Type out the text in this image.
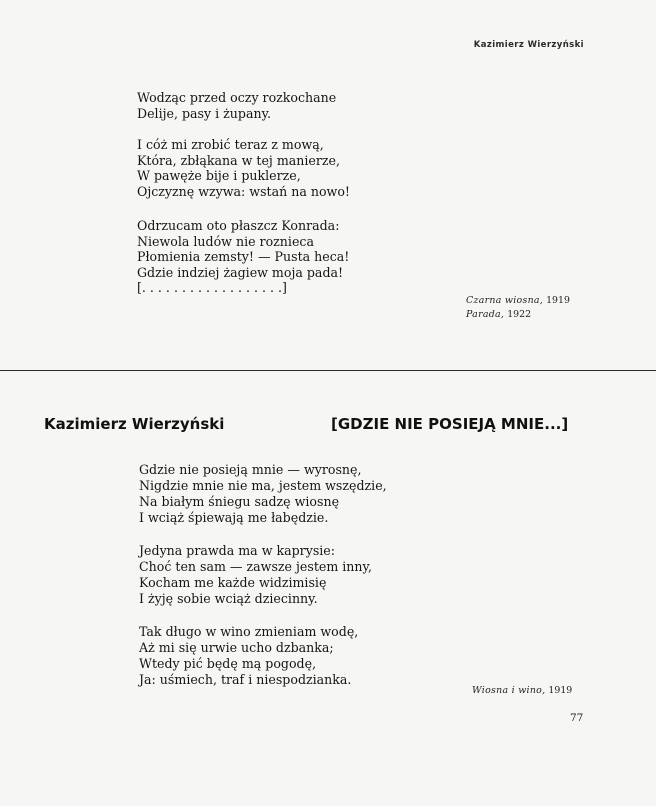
Kazimierz Wierzyński
Wodząc przed oczy rozkochane
Delije, pasy i żupany.
I cóż mi zrobić teraz z mową,
Która, zbłąkana w tej manierze,
W pawęże bije i puklerze,
Ojczyznę wzywa: wstań na nowo!
Odrzucam oto płaszcz Konrada:
Niewola ludów nie roznieca
Płomienia zemsty! — Pusta heca!
Gdzie indziej żagiew moja pada!
[. . . . . . . . . . . . . . . . . .]
Czarna wiosna, 1919
Parada, 1922
Kazimierz Wierzyński	[GDZIE NIE POSIEJĄ MNIE...]
Gdzie nie posieją mnie — wyrosnę,
Nigdzie mnie nie ma, jestem wszędzie,
Na białym śniegu sadzę wiosnę
I wciąż śpiewają me łabędzie.
Jedyna prawda ma w kaprysie:
Choć ten sam — zawsze jestem inny,
Kocham me każde widzimisię
I żyję sobie wciąż dziecinny.
Tak długo w wino zmieniam wodę,
Aż mi się urwie ucho dzbanka;
Wtedy pić będę mą pogodę,
Ja: uśmiech, traf i niespodzianka.
Wiosna i wino, 1919
77
